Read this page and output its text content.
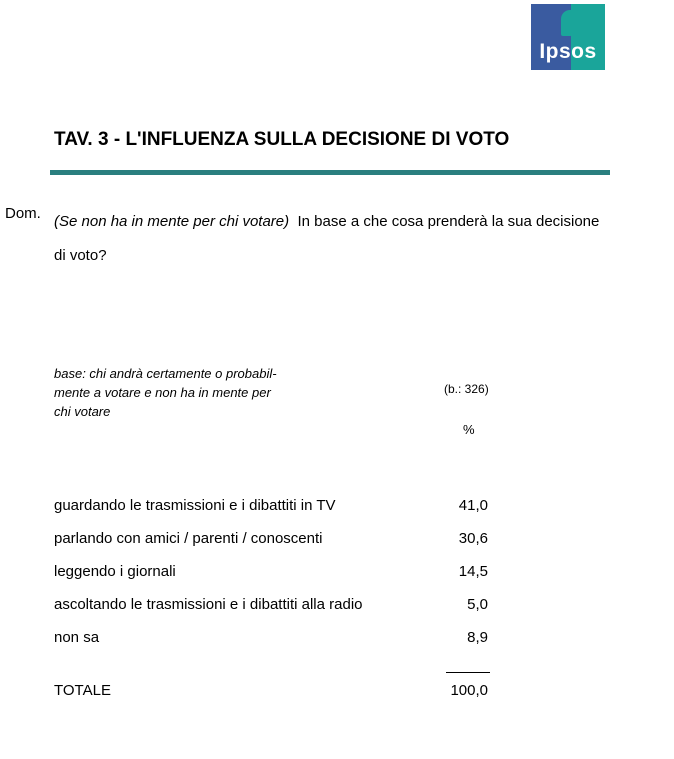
Ipsos
TAV. 3 - L'INFLUENZA SULLA DECISIONE DI VOTO
Dom. (Se non ha in mente per chi votare) In base a che cosa prenderà la sua decisione di voto?
base: chi andrà certamente o probabil-
mente a votare e non ha in mente per
chi votare
(b.: 326)
%
guardando le trasmissioni e i dibattiti in TV	41,0
parlando con amici / parenti / conoscenti	30,6
leggendo i giornali	14,5
ascoltando le trasmissioni e i dibattiti alla radio	5,0
non sa	8,9
TOTALE	100,0
